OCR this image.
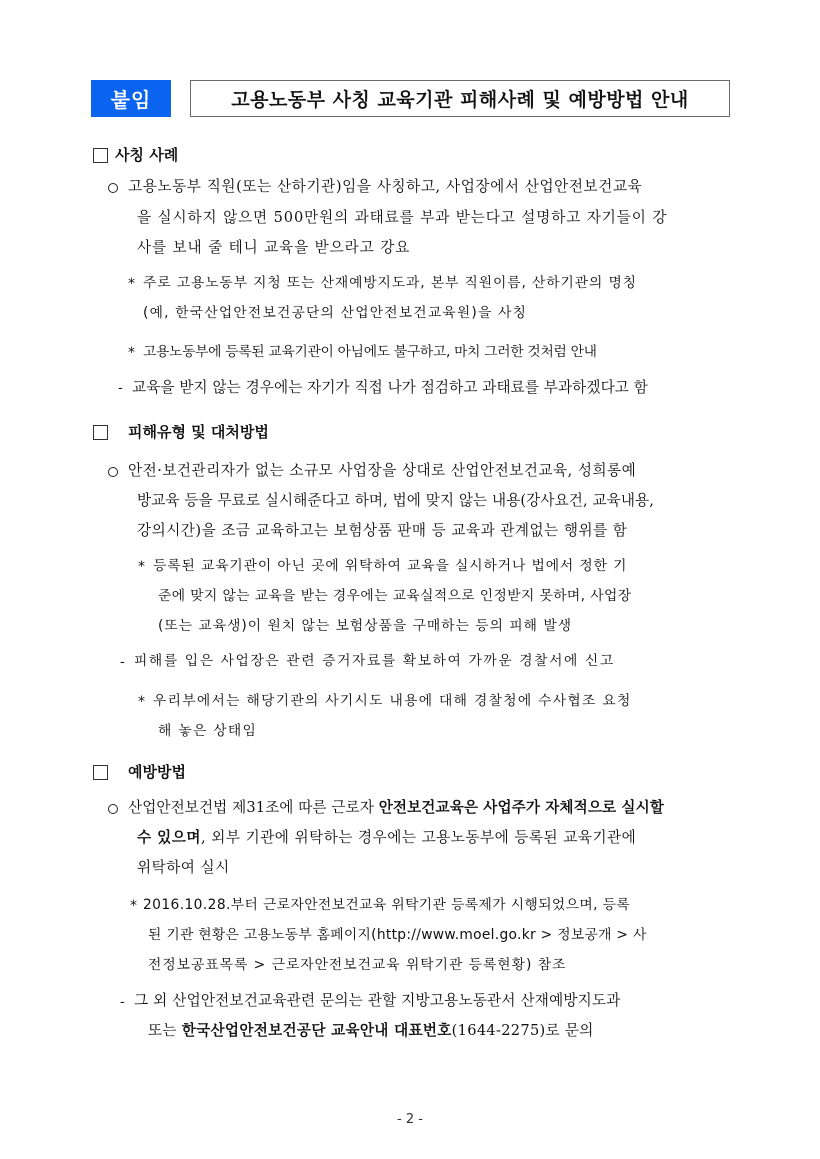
붙임	고용노동부 사칭 교육기관 피해사례 및 예방방법 안내
사칭 사례
고용노동부 직원(또는 산하기관)임을 사칭하고, 사업장에서 산업안전보건교육
을 실시하지 않으면 500만원의 과태료를 부과 받는다고 설명하고 자기들이 강
사를 보내 줄 테니 교육을 받으라고 강요
* 주로 고용노동부 지청 또는 산재예방지도과, 본부 직원이름, 산하기관의 명칭
(예, 한국산업안전보건공단의 산업안전보건교육원)을 사칭
* 고용노동부에 등록된 교육기관이 아님에도 불구하고, 마치 그러한 것처럼 안내
- 교육을 받지 않는 경우에는 자기가 직접 나가 점검하고 과태료를 부과하겠다고 함
피해유형 및 대처방법
안전·보건관리자가 없는 소규모 사업장을 상대로 산업안전보건교육, 성희롱예
방교육 등을 무료로 실시해준다고 하며, 법에 맞지 않는 내용(강사요건, 교육내용,
강의시간)을 조금 교육하고는 보험상품 판매 등 교육과 관계없는 행위를 함
* 등록된 교육기관이 아닌 곳에 위탁하여 교육을 실시하거나 법에서 정한 기
준에 맞지 않는 교육을 받는 경우에는 교육실적으로 인정받지 못하며, 사업장
(또는 교육생)이 원치 않는 보험상품을 구매하는 등의 피해 발생
- 피해를 입은 사업장은 관련 증거자료를 확보하여 가까운 경찰서에 신고
* 우리부에서는 해당기관의 사기시도 내용에 대해 경찰청에 수사협조 요청
해 놓은 상태임
예방방법
산업안전보건법 제31조에 따른 근로자 안전보건교육은 사업주가 자체적으로 실시할
수 있으며, 외부 기관에 위탁하는 경우에는 고용노동부에 등록된 교육기관에
위탁하여 실시
* 2016.10.28.부터 근로자안전보건교육 위탁기관 등록제가 시행되었으며, 등록
된 기관 현황은 고용노동부 홈페이지(http://www.moel.go.kr > 정보공개 > 사
전정보공표목록 > 근로자안전보건교육 위탁기관 등록현황) 참조
- 그 외 산업안전보건교육관련 문의는 관할 지방고용노동관서 산재예방지도과
또는 한국산업안전보건공단 교육안내 대표번호(1644-2275)로 문의
- 2 -
